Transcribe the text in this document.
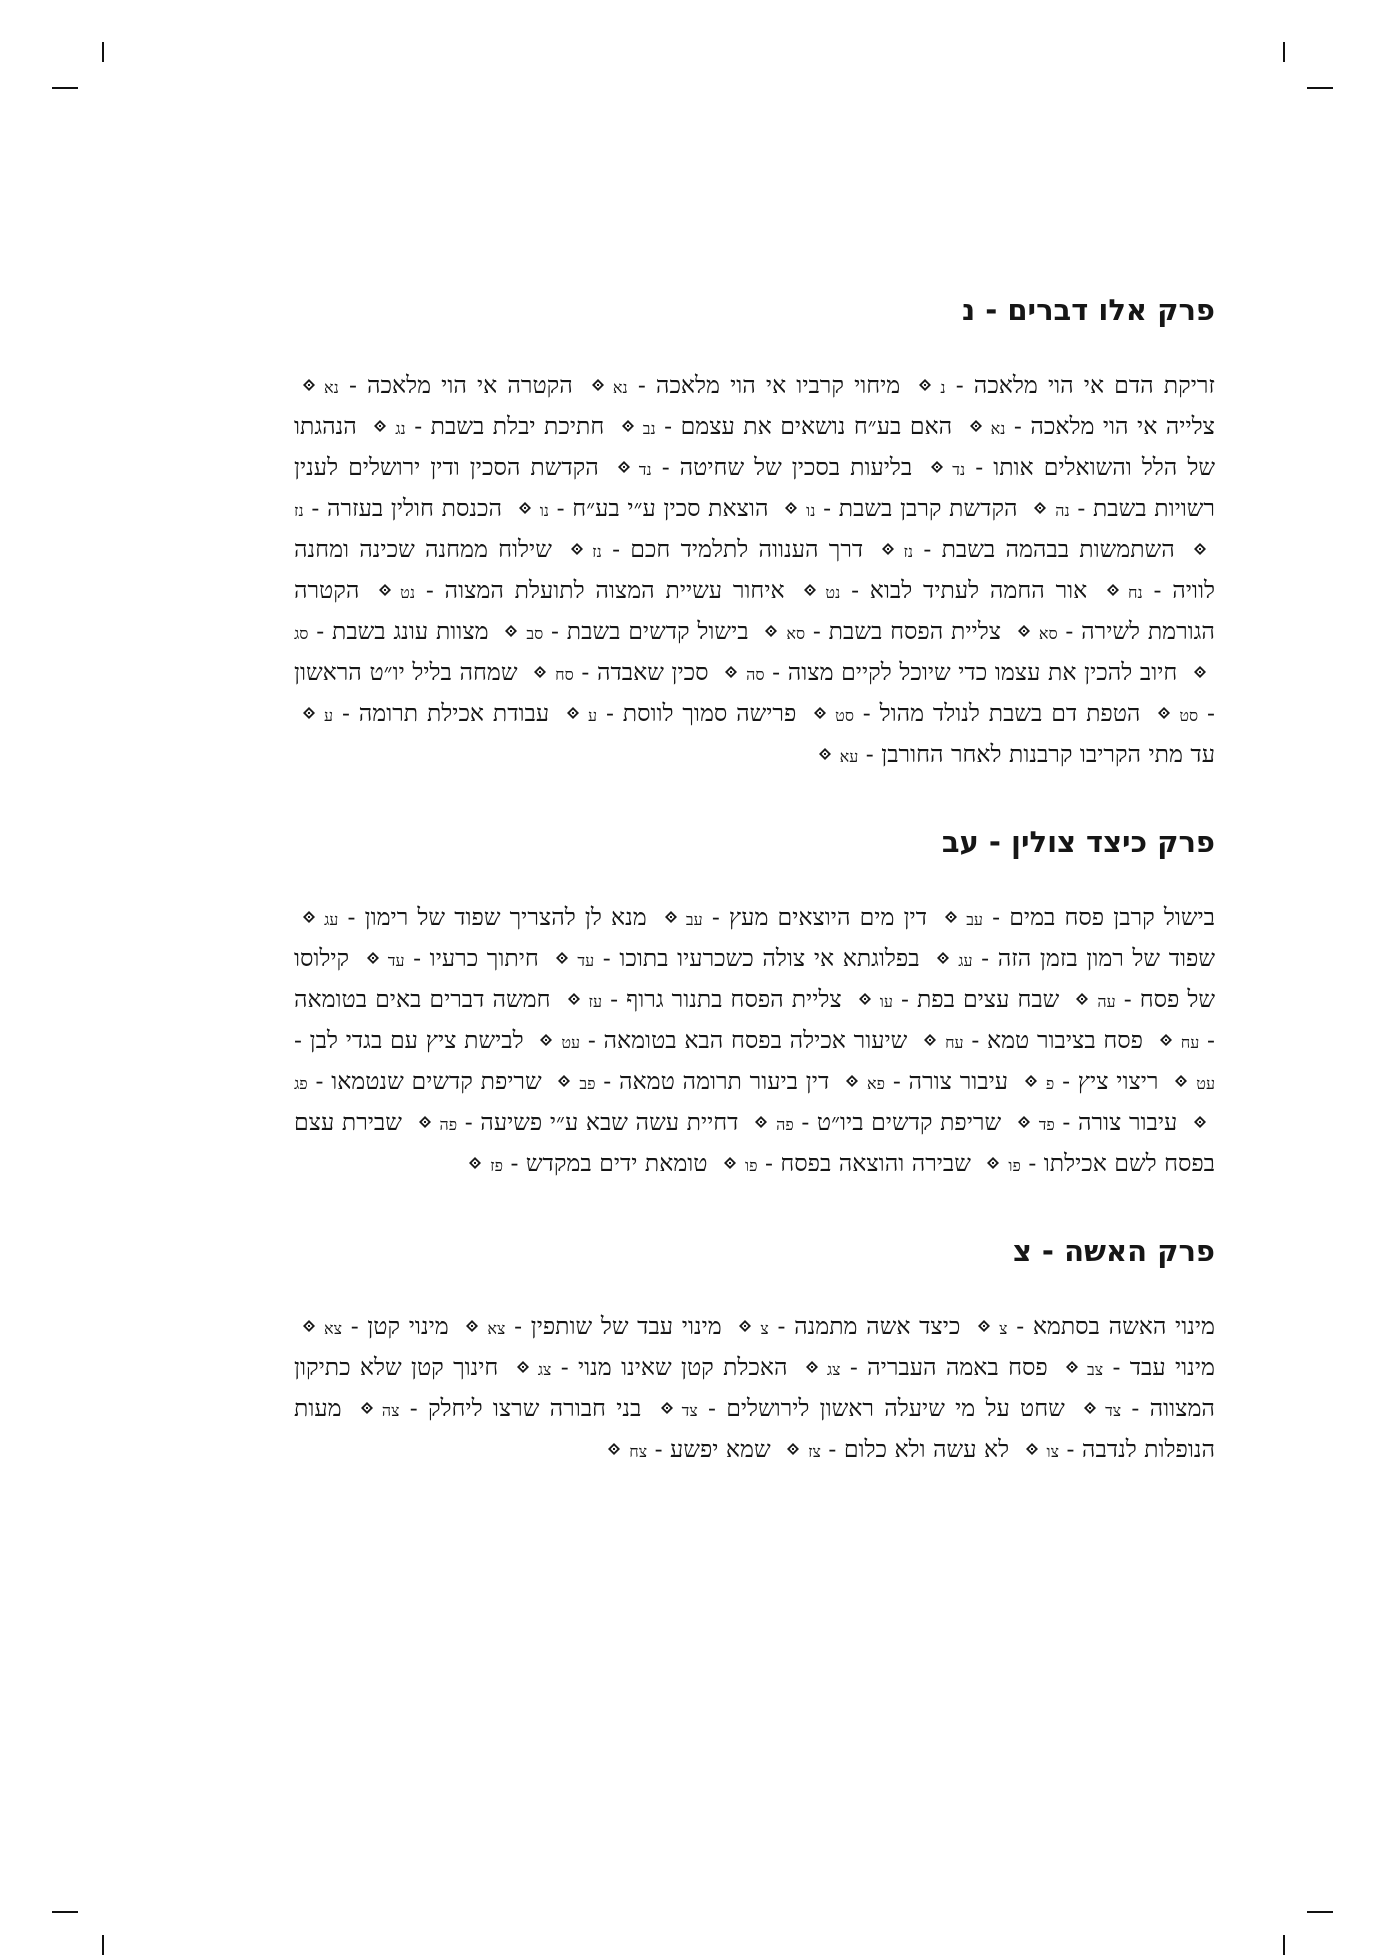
פרק אלו דברים - נ
זריקת הדם אי הוי מלאכה - נ
מיחוי קרביו אי הוי מלאכה - נא
הקטרה אי הוי מלאכה - נא
צלייה אי הוי מלאכה - נא
האם בע״ח נושאים את עצמם - נב
חתיכת יבלת בשבת - נג
הנהגתו של הלל והשואלים אותו - נד
בליעות בסכין של שחיטה - נד
הקדשת הסכין ודין ירושלים לענין רשויות בשבת - נה
הקדשת קרבן בשבת - נו
הוצאת סכין ע״י בע״ח - נו
הכנסת חולין בעזרה - נז
השתמשות בבהמה בשבת - נז
דרך הענווה לתלמיד חכם - נז
שילוח ממחנה שכינה ומחנה לוויה - נח
אור החמה לעתיד לבוא - נט
איחור עשיית המצוה לתועלת המצוה - נט
הקטרה הגורמת לשירה - סא
צליית הפסח בשבת - סא
בישול קדשים בשבת - סב
מצוות עונג בשבת - סג
חיוב להכין את עצמו כדי שיוכל לקיים מצוה - סה
סכין שאבדה - סח
שמחה בליל יו״ט הראשון - סט
הטפת דם בשבת לנולד מהול - סט
פרישה סמוך לווסת - ע
עבודת אכילת תרומה - ע
עד מתי הקריבו קרבנות לאחר החורבן - עא
פרק כיצד צולין - עב
בישול קרבן פסח במים - עב
דין מים היוצאים מעץ - עב
מנא לן להצריך שפוד של רימון - עג
שפוד של רמון בזמן הזה - עג
בפלוגתא אי צולה כשכרעיו בתוכו - עד
חיתוך כרעיו - עד
קילוסו של פסח - עה
שבח עצים בפת - עו
צליית הפסח בתנור גרוף - עז
חמשה דברים באים בטומאה - עח
פסח בציבור טמא - עח
שיעור אכילה בפסח הבא בטומאה - עט
לבישת ציץ עם בגדי לבן - עט
ריצוי ציץ - פ
עיבור צורה - פא
דין ביעור תרומה טמאה - פב
שריפת קדשים שנטמאו - פג
עיבור צורה - פד
שריפת קדשים ביו״ט - פה
דחיית עשה שבא ע״י פשיעה - פה
שבירת עצם בפסח לשם אכילתו - פו
שבירה והוצאה בפסח - פו
טומאת ידים במקדש - פז
פרק האשה - צ
מינוי האשה בסתמא - צ
כיצד אשה מתמנה - צ
מינוי עבד של שותפין - צא
מינוי קטן - צא
מינוי עבד - צב
פסח באמה העבריה - צג
האכלת קטן שאינו מנוי - צג
חינוך קטן שלא כתיקון המצווה - צד
שחט על מי שיעלה ראשון לירושלים - צד
בני חבורה שרצו ליחלק - צה
מעות הנופלות לנדבה - צו
לא עשה ולא כלום - צז
שמא יפשע - צח
